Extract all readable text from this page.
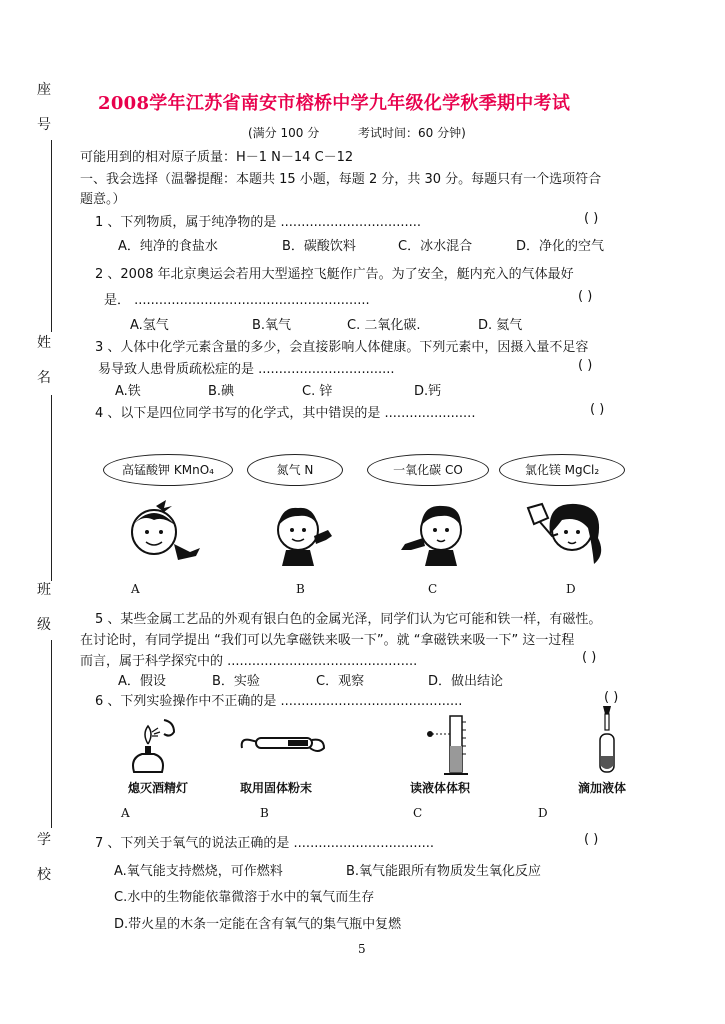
座
号
姓
名
班
级
学
校
2008学年江苏省南安市榕桥中学九年级化学秋季期中考试
(满分 100 分	考试时间：60 分钟)
可能用到的相对原子质量：H－1 N－14 C－12
一、我会选择（温馨提醒：本题共 15 小题，每题 2 分，共 30 分。每题只有一个选项符合
题意。）
1 、下列物质，属于纯净物的是 ..................................	( )
A．纯净的食盐水	B．碳酸饮料	C．冰水混合	D．净化的空气
2 、2008 年北京奥运会若用大型遥控飞艇作广告。为了安全，艇内充入的气体最好
是． .........................................................	( )
A.氢气	B.氧气	C. 二氧化碳.	D. 氦气
3 、人体中化学元素含量的多少，会直接影响人体健康。下列元素中，因摄入量不足容
易导致人患骨质疏松症的是 .................................	( )
A.铁	B.碘	C. 锌	D.钙
4 、以下是四位同学书写的化学式，其中错误的是 ......................	( )
高锰酸钾 KMnO₄	氮气 N	一氧化碳 CO	氯化镁 MgCl₂
A	B	C	D
5 、某些金属工艺品的外观有银白色的金属光泽，同学们认为它可能和铁一样，有磁性。
在讨论时，有同学提出 “我们可以先拿磁铁来吸一下”。就 “拿磁铁来吸一下” 这一过程
而言，属于科学探究中的 ..............................................	( )
A．假设	B．实验	C．观察	D．做出结论
6 、下列实验操作中不正确的是 ............................................	( )
熄灭酒精灯	取用固体粉末	读液体体积	滴加液体
A	B	C	D
7 、下列关于氧气的说法正确的是 ..................................	( )
A.氧气能支持燃烧，可作燃料	B.氧气能跟所有物质发生氧化反应
C.水中的生物能依靠微溶于水中的氧气而生存
D.带火星的木条一定能在含有氧气的集气瓶中复燃
5
